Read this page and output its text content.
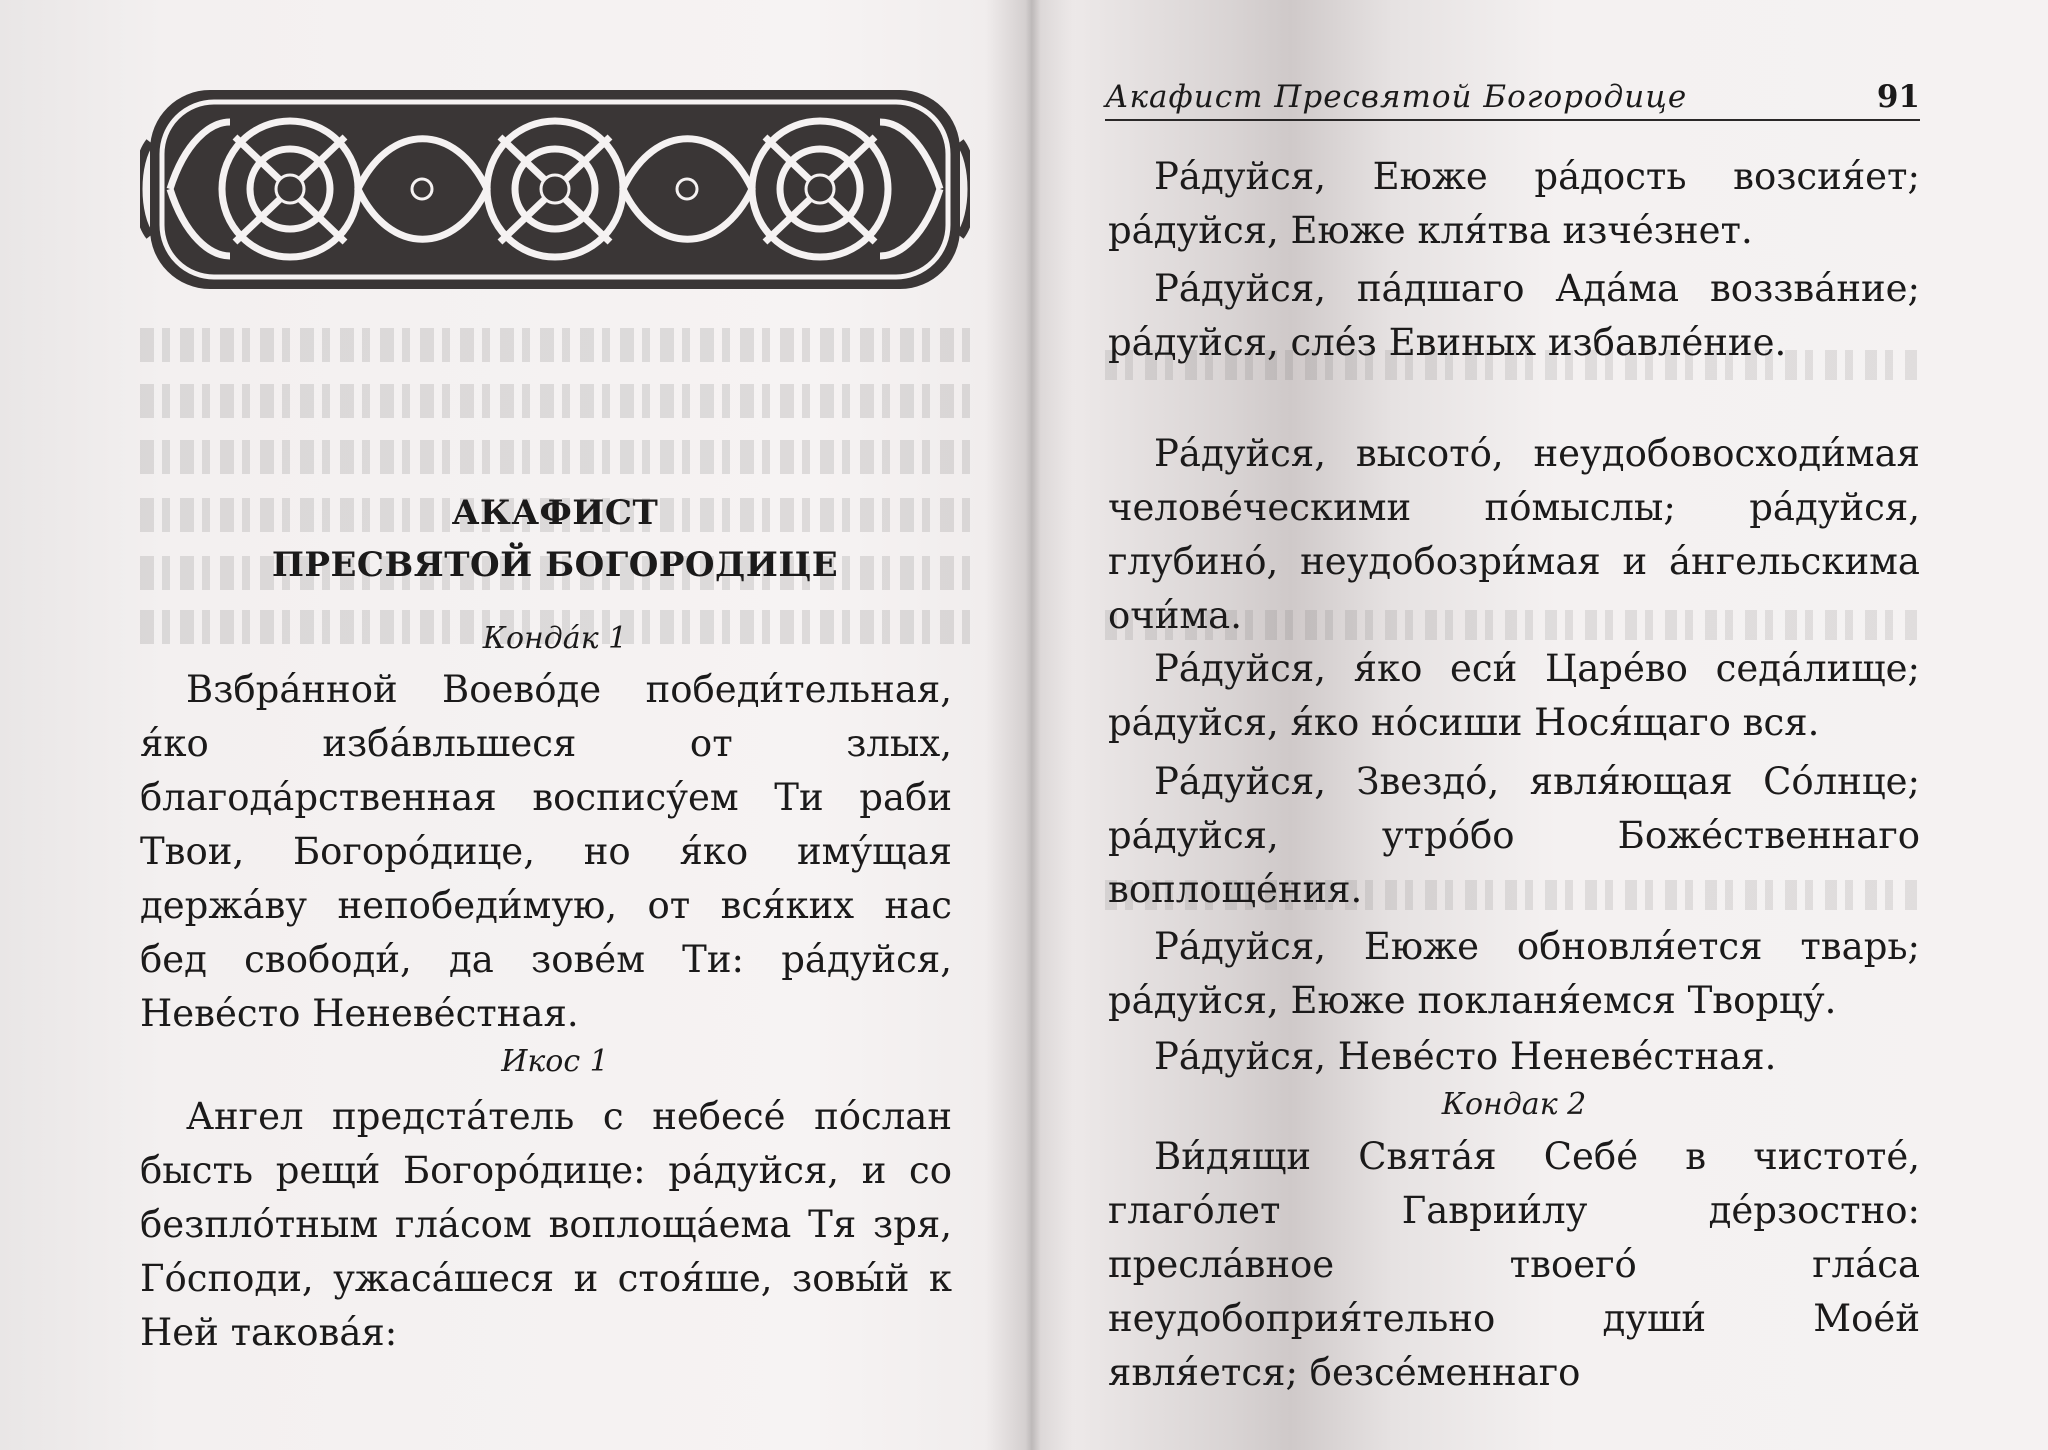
АКАФИСТ
ПРЕСВЯТОЙ БОГОРОДИЦЕ
Кондáк 1
Взбрáнной Воевóде победи́тельная, я́ко избáвльшеся от злых, благодáрственная воспису́ем Ти раби Твои, Богорóдице, но я́ко иму́щая держáву непобеди́мую, от вся́ких нас бед свободи́, да зовéм Ти: рáдуйся, Невéсто Неневéстная.
Икос 1
Ангел предстáтель с небесé пóслан бысть рещи́ Богорóдице: рáдуйся, и со безплóтным глáсом воплощáема Тя зря, Гóсподи, ужасáшеся и стоя́ше, зовы́й к Ней таковáя:
Акафист Пресвятой Богородице	91
Рáдуйся, Еюже рáдость возсия́ет; рáдуйся, Еюже кля́тва изчéзнет.
Рáдуйся, пáдшаго Адáма воззвáние; рáдуйся, слéз Евиных избавлéние.
Рáдуйся, высотó, неудобовосходи́мая человéческими пóмыслы; рáдуйся, глубинó, неудобозри́мая и áнгельскима очи́ма.
Рáдуйся, я́ко еси́ Царéво седáлище; рáдуйся, я́ко нóсиши Нося́щаго вся.
Рáдуйся, Звездó, явля́ющая Сóлнце; рáдуйся, утрóбо Божéственнаго воплощéния.
Рáдуйся, Еюже обновля́ется тварь; рáдуйся, Еюже покланя́емся Творцу́.
Рáдуйся, Невéсто Неневéстная.
Кондак 2
Ви́дящи Святáя Себé в чистотé, глагóлет Гаврии́лу дéрзостно: преслáвное твоегó глáса неудобоприя́тельно души́ Моéй явля́ется; безсéменнаго
